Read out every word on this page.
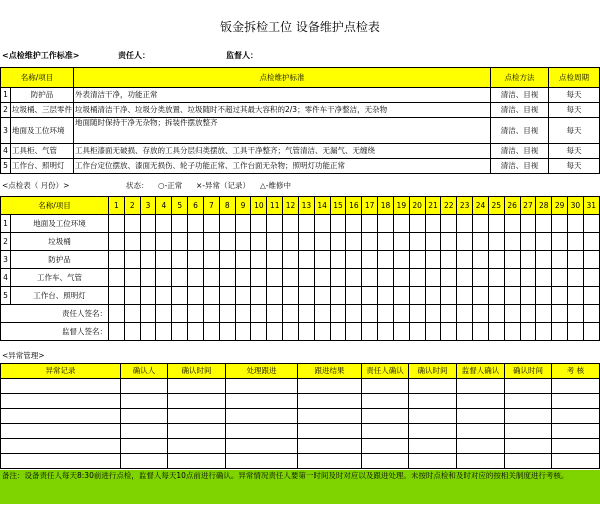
钣金拆检工位 设备维护点检表
<点检维护工作标准>	责任人：	监督人：
名称/项目		点检维护标准	点检方法	点检周期
1	防护品	外表清洁干净，功能正常	清洁、目视	每天
2	垃圾桶、三层零件	垃圾桶清洁干净、垃圾分类放置、垃圾随时不超过其最大容积的2/3；零件车干净整洁，无杂物	清洁、目视	每天
3	地面及工位环境	地面随时保持干净无杂物；拆装件摆放整齐	清洁、目视	每天
4	工具柜、气管	工具柜漆面无破损、存放的工具分层归类摆放、工具干净整齐；气管清洁、无漏气、无缠绕	清洁、目视	每天
5	工作台、照明灯	工作台定位摆放、漆面无损伤、轮子功能正常、工作台面无杂物；照明灯功能正常	清洁、目视	每天
<点检表（ 月份）>	状态： ○-正常 ×-异常（记录） △-维修中
名称/项目		1	2	3	4	5	6	7	8	9	10	11	12	13	14	15	16	17	18	19	20	21	22	23	24	25	26	27	28	29	30	31
1	地面及工位环境																															
2	垃圾桶																															
3	防护品																															
4	工作车、气管																															
5	工作台、照明灯																															
责任人签名：																																
监督人签名：																																
<异常管理>
异常记录	确认人	确认时间	处理跟进	跟进结果	责任人确认	确认时间	监督人确认	确认时间	考 核

备注：设备责任人每天8:30前进行点检，监督人每天10点前进行确认。异常情况责任人要第一时间及时对应以及跟进处理。未按时点检和及时对应的按相关制度进行考核。
